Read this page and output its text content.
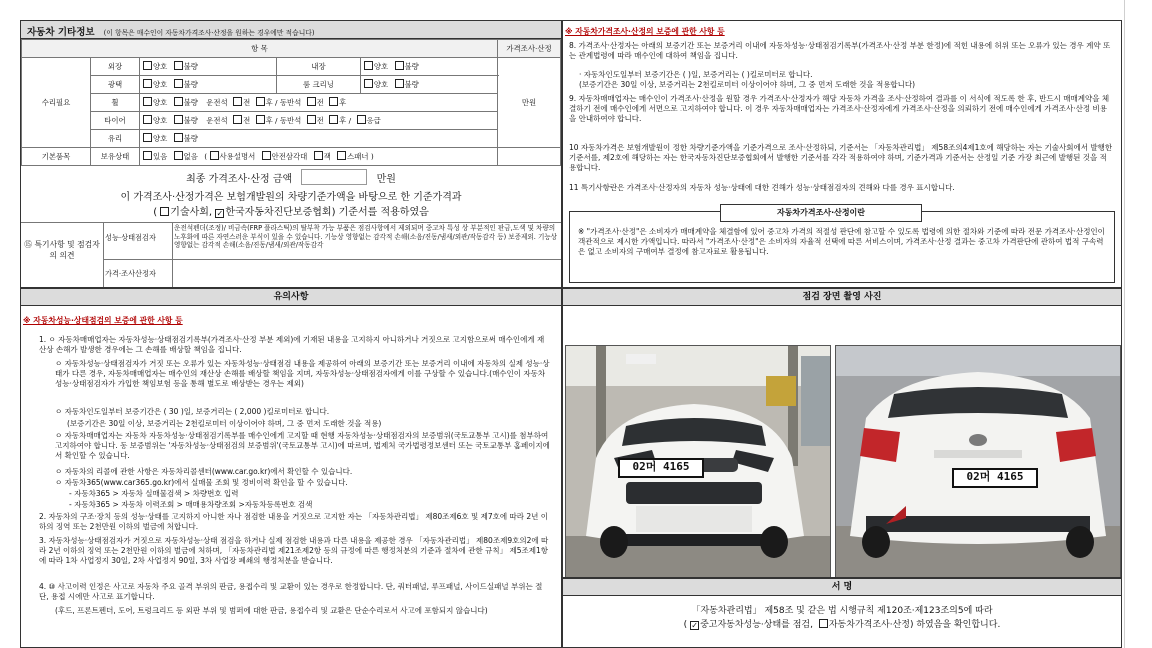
자동차 기타정보 (이 항목은 매수인이 자동차가격조사·산정을 원하는 경우에만 적습니다)
항 목					가격조사·산정
수리필요	외장	양호 불량	내장	양호 불량	만원
	광택	양호 불량	룸 크리닝	양호 불량	
	휠	양호 불량 운전석 전 후 / 동반석 전 후			
	타이어	양호 불량 운전석 전 후 / 동반석 전 후 / 응급			
	유리	양호 불량			
기본품목	보유상태	있음 없음 ( 사용설명서 안전삼각대 잭 스패너 )			
최종 가격조사·산정 금액	만원
이 가격조사·산정가격은 보험개발원의 차량기준가액을 바탕으로 한 기준가격과
( 기술사회, ✓ 한국자동차진단보증협회) 기준서를 적용하였음
⑮ 특기사항 및 점검자의 의견
성능·상태점검자
운전석펜더(조정)/ 비금속(FRP 플라스틱)의 탈부착 가능 부품은 점검사항에서 제외되며 중고차 특성 상 부분적인 판금,도색 및 차량의 노후화에 따른 자연스러운 부식이 있을 수 있습니다. 기능상 영향없는 감각적 손해(소음/진동/냄새/외관/작동감각 등) 보증제외. 기능상 영향없는 감각적 손해(소음/진동/냄새/외관/작동감각
가격·조사산정자
※ 자동차가격조사·산정의 보증에 관한 사항 등
8. 가격조사·산정자는 아래의 보증기간 또는 보증거리 이내에 자동차성능·상태점검기록부(가격조사·산정 부분 한정)에 적힌 내용에 허위 또는 오류가 있는 경우 계약 또는 관계법령에 따라 매수인에 대하여 책임을 집니다.
· 자동차인도일부터 보증기간은 ( )일, 보증거리는 ( )킬로미터로 합니다.
(보증기간은 30일 이상, 보증거리는 2천킬로미터 이상이어야 하며, 그 중 먼저 도래한 것을 적용합니다)
9. 자동차매매업자는 매수인이 가격조사·산정을 원할 경우 가격조사·산정자가 해당 자동차 가격을 조사·산정하여 결과를 이 서식에 적도록 한 후, 반드시 매매계약을 체결하기 전에 매수인에게 서면으로 고지하여야 합니다. 이 경우 자동차매매업자는 가격조사·산정자에게 가격조사·산정을 의뢰하기 전에 매수인에게 가격조사·산정 비용을 안내하여야 합니다.
10 자동차가격은 보험개발원이 정한 차량기준가액을 기준가격으로 조사·산정하되, 기준서는 「자동차관리법」 제58조의4제1호에 해당하는 자는 기술사회에서 발행한 기준서를, 제2호에 해당하는 자는 한국자동차진단보증협회에서 발행한 기준서를 각각 적용하여야 하며, 기준가격과 기준서는 산정일 기준 가장 최근에 발행된 것을 적용합니다.
11 특기사항란은 가격조사·산정자의 자동차 성능·상태에 대한 견해가 성능·상태점검자의 견해와 다를 경우 표시합니다.
자동차가격조사·산정이란
※ "가격조사·산정"은 소비자가 매매계약을 체결함에 있어 중고차 가격의 적절성 판단에 참고할 수 있도록 법령에 의한 절차와 기준에 따라 전문 가격조사·산정인이 객관적으로 제시한 가액입니다. 따라서 "가격조사·산정"은 소비자의 자율적 선택에 따른 서비스이며, 가격조사·산정 결과는 중고차 가격판단에 관하여 법적 구속력은 없고 소비자의 구매여부 결정에 참고자료로 활용됩니다.
유의사항
※ 자동차성능·상태점검의 보증에 관한 사항 등
1. ㅇ 자동차매매업자는 자동차성능·상태점검기록부(가격조사·산정 부분 제외)에 기재된 내용을 고지하지 아니하거나 거짓으로 고지함으로써 매수인에게 재산상 손해가 발생한 경우에는 그 손해를 배상할 책임을 집니다.
ㅇ 자동차성능·상태점검자가 거짓 또는 오류가 있는 자동차성능·상태점검 내용을 제공하여 아래의 보증기간 또는 보증거리 이내에 자동차의 실제 성능·상태가 다른 경우, 자동차매매업자는 매수인의 재산상 손해를 배상할 책임을 지며, 자동차성능·상태점검자에게 이를 구상할 수 있습니다.(매수인이 자동차성능·상태점검자가 가입한 책임보험 등을 통해 별도로 배상받는 경우는 제외)
ㅇ 자동차인도일부터 보증기간은 ( 30 )일, 보증거리는 ( 2,000 )킬로미터로 합니다.
(보증기간은 30일 이상, 보증거리는 2천킬로미터 이상이어야 하며, 그 중 먼저 도래한 것을 적용)
ㅇ 자동차매매업자는 자동차 자동차성능·상태점검기록부를 매수인에게 고지할 때 현행 자동차성능·상태점검자의 보증범위(국토교통부 고시)를 첨부하여 고지하여야 합니다. 동 보증범위는 '자동차성능·상태점검의 보증범위'(국토교통부 고시)에 따르며, 법제처 국가법령정보센터 또는 국토교통부 홈페이지에서 확인할 수 있습니다.
ㅇ 자동차의 리콜에 관한 사항은 자동차리콜센터(www.car.go.kr)에서 확인할 수 있습니다.
ㅇ 자동차365(www.car365.go.kr)에서 실매물 조회 및 정비이력 확인을 할 수 있습니다.
- 자동차365 > 자동차 실매물검색 > 차량번호 입력
- 자동차365 > 자동차 이력조회 > 매매용차량조회 >자동차등록번호 검색
2. 자동차의 구조·장치 등의 성능·상태를 고지하지 아니한 자나 점검한 내용을 거짓으로 고지한 자는 「자동차관리법」 제80조제6호 및 제7호에 따라 2년 이하의 징역 또는 2천만원 이하의 벌금에 처합니다.
3. 자동차성능·상태점검자가 거짓으로 자동차성능·상태 점검을 하거나 실제 점검한 내용과 다른 내용을 제공한 경우 「자동차관리법」 제80조제9호의2에 따라 2년 이하의 징역 또는 2천만원 이하의 벌금에 처하며, 「자동차관리법 제21조제2항 등의 규정에 따른 행정처분의 기준과 절차에 관한 규칙」 제5조제1항에 따라 1차 사업정지 30일, 2차 사업정지 90일, 3차 사업장 폐쇄의 행정처분을 받습니다.
4. ⑩ 사고이력 인정은 사고로 자동차 주요 골격 부위의 판금, 용접수리 및 교환이 있는 경우로 한정합니다. 단, 쿼터패널, 루프패널, 사이드실패널 부위는 절단, 용접 시에만 사고로 표기합니다.
(후드, 프론트펜더, 도어, 트렁크리드 등 외판 부위 및 범퍼에 대한 판금, 용접수리 및 교환은 단순수리로서 사고에 포함되지 않습니다)
점검 장면 촬영 사진
02머 4165
02머 4165
서 명
「자동차관리법」 제58조 및 같은 법 시행규칙 제120조·제123조의5에 따라
( ✓ 중고자동차성능·상태를 점검, 자동차가격조사·산정) 하였음을 확인합니다.
